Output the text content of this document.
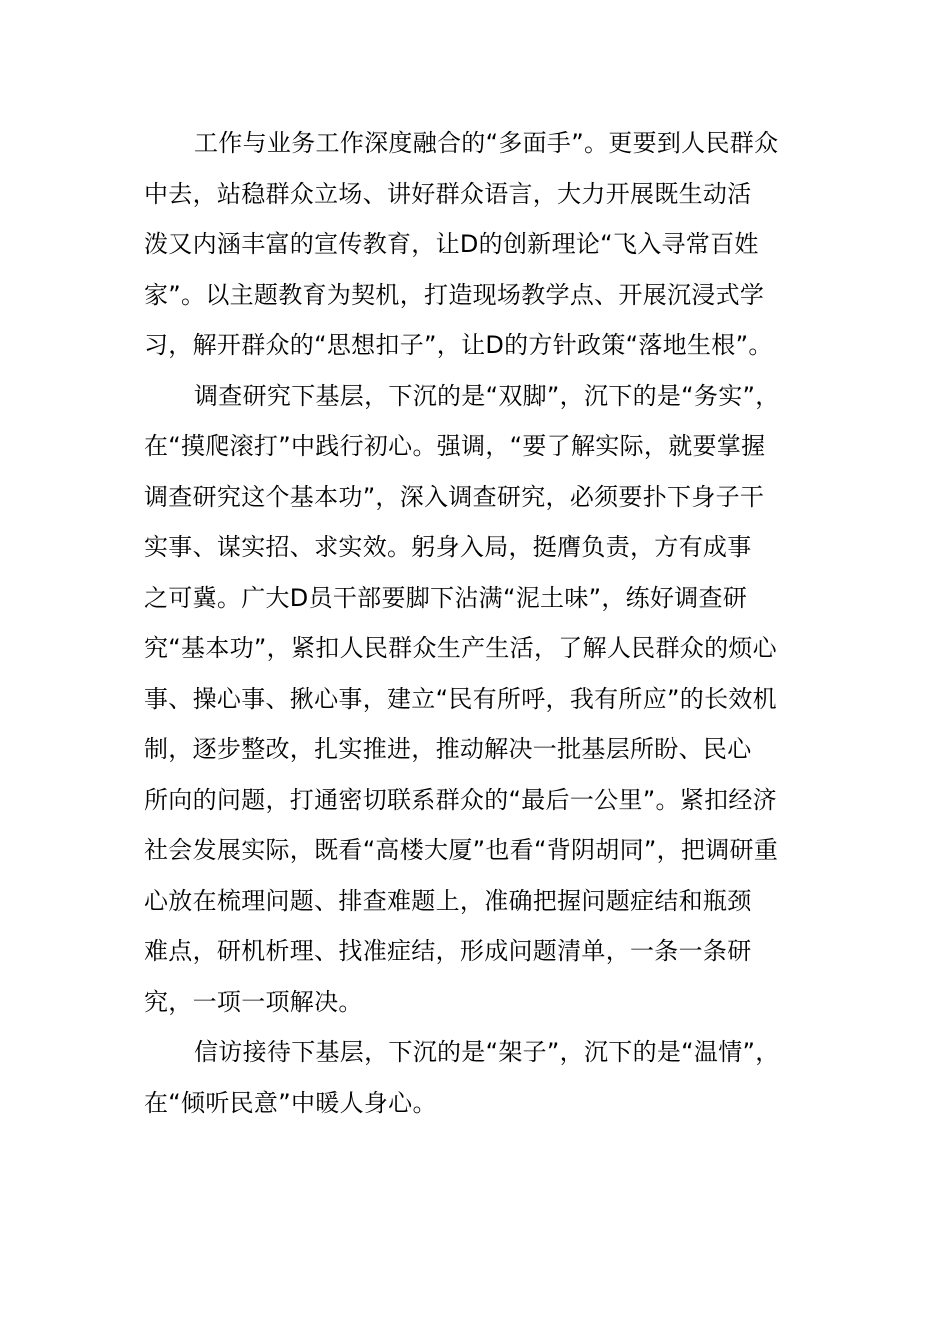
工作与业务工作深度融合的“多面手”。更要到人民群众
中去，站稳群众立场、讲好群众语言，大力开展既生动活
泼又内涵丰富的宣传教育，让D的创新理论“飞入寻常百姓
家”。以主题教育为契机，打造现场教学点、开展沉浸式学
习，解开群众的“思想扣子”，让D的方针政策“落地生根”。
调查研究下基层，下沉的是“双脚”，沉下的是“务实”，
在“摸爬滚打”中践行初心。强调，“要了解实际，就要掌握
调查研究这个基本功”，深入调查研究，必须要扑下身子干
实事、谋实招、求实效。躬身入局，挺膺负责，方有成事
之可冀。广大D员干部要脚下沾满“泥土味”，练好调查研
究“基本功”，紧扣人民群众生产生活，了解人民群众的烦心
事、操心事、揪心事，建立“民有所呼，我有所应”的长效机
制，逐步整改，扎实推进，推动解决一批基层所盼、民心
所向的问题，打通密切联系群众的“最后一公里”。紧扣经济
社会发展实际，既看“高楼大厦”也看“背阴胡同”，把调研重
心放在梳理问题、排查难题上，准确把握问题症结和瓶颈
难点，研机析理、找准症结，形成问题清单，一条一条研
究，一项一项解决。
信访接待下基层，下沉的是“架子”，沉下的是“温情”，
在“倾听民意”中暖人身心。
